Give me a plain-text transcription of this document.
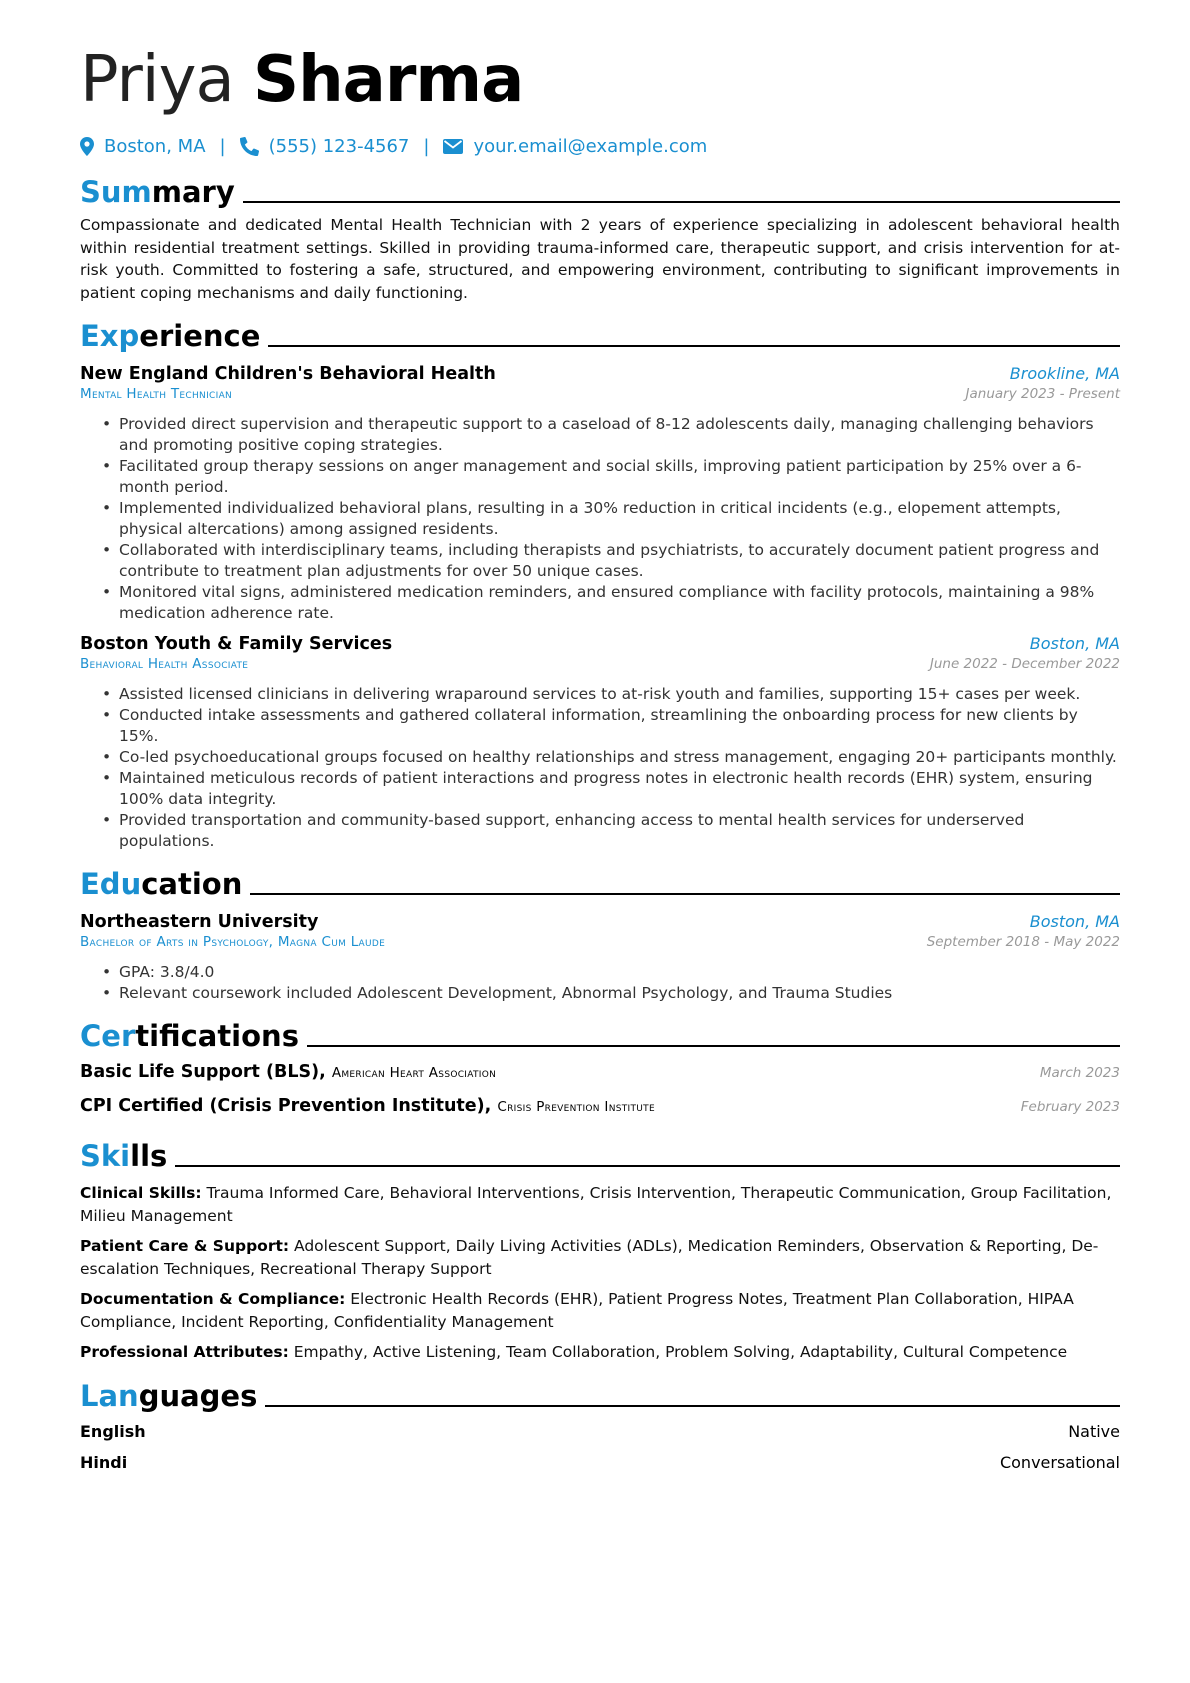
Priya Sharma
Boston, MA | (555) 123-4567 | your.email@example.com
Summary
Compassionate and dedicated Mental Health Technician with 2 years of experience specializing in adolescent behavioral health within residential treatment settings. Skilled in providing trauma-informed care, therapeutic support, and crisis intervention for at-risk youth. Committed to fostering a safe, structured, and empowering environment, contributing to significant improvements in patient coping mechanisms and daily functioning.
Experience
New England Children's Behavioral Health	Brookline, MA
Mental Health Technician	January 2023 - Present
• Provided direct supervision and therapeutic support to a caseload of 8-12 adolescents daily, managing challenging behaviors and promoting positive coping strategies.
• Facilitated group therapy sessions on anger management and social skills, improving patient participation by 25% over a 6-month period.
• Implemented individualized behavioral plans, resulting in a 30% reduction in critical incidents (e.g., elopement attempts, physical altercations) among assigned residents.
• Collaborated with interdisciplinary teams, including therapists and psychiatrists, to accurately document patient progress and contribute to treatment plan adjustments for over 50 unique cases.
• Monitored vital signs, administered medication reminders, and ensured compliance with facility protocols, maintaining a 98% medication adherence rate.
Boston Youth & Family Services	Boston, MA
Behavioral Health Associate	June 2022 - December 2022
• Assisted licensed clinicians in delivering wraparound services to at-risk youth and families, supporting 15+ cases per week.
• Conducted intake assessments and gathered collateral information, streamlining the onboarding process for new clients by 15%.
• Co-led psychoeducational groups focused on healthy relationships and stress management, engaging 20+ participants monthly.
• Maintained meticulous records of patient interactions and progress notes in electronic health records (EHR) system, ensuring 100% data integrity.
• Provided transportation and community-based support, enhancing access to mental health services for underserved populations.
Education
Northeastern University	Boston, MA
Bachelor of Arts in Psychology, Magna Cum Laude	September 2018 - May 2022
• GPA: 3.8/4.0
• Relevant coursework included Adolescent Development, Abnormal Psychology, and Trauma Studies
Certifications
Basic Life Support (BLS), American Heart Association	March 2023
CPI Certified (Crisis Prevention Institute), Crisis Prevention Institute	February 2023
Skills
Clinical Skills: Trauma Informed Care, Behavioral Interventions, Crisis Intervention, Therapeutic Communication, Group Facilitation, Milieu Management
Patient Care & Support: Adolescent Support, Daily Living Activities (ADLs), Medication Reminders, Observation & Reporting, De-escalation Techniques, Recreational Therapy Support
Documentation & Compliance: Electronic Health Records (EHR), Patient Progress Notes, Treatment Plan Collaboration, HIPAA Compliance, Incident Reporting, Confidentiality Management
Professional Attributes: Empathy, Active Listening, Team Collaboration, Problem Solving, Adaptability, Cultural Competence
Languages
English	Native
Hindi	Conversational
